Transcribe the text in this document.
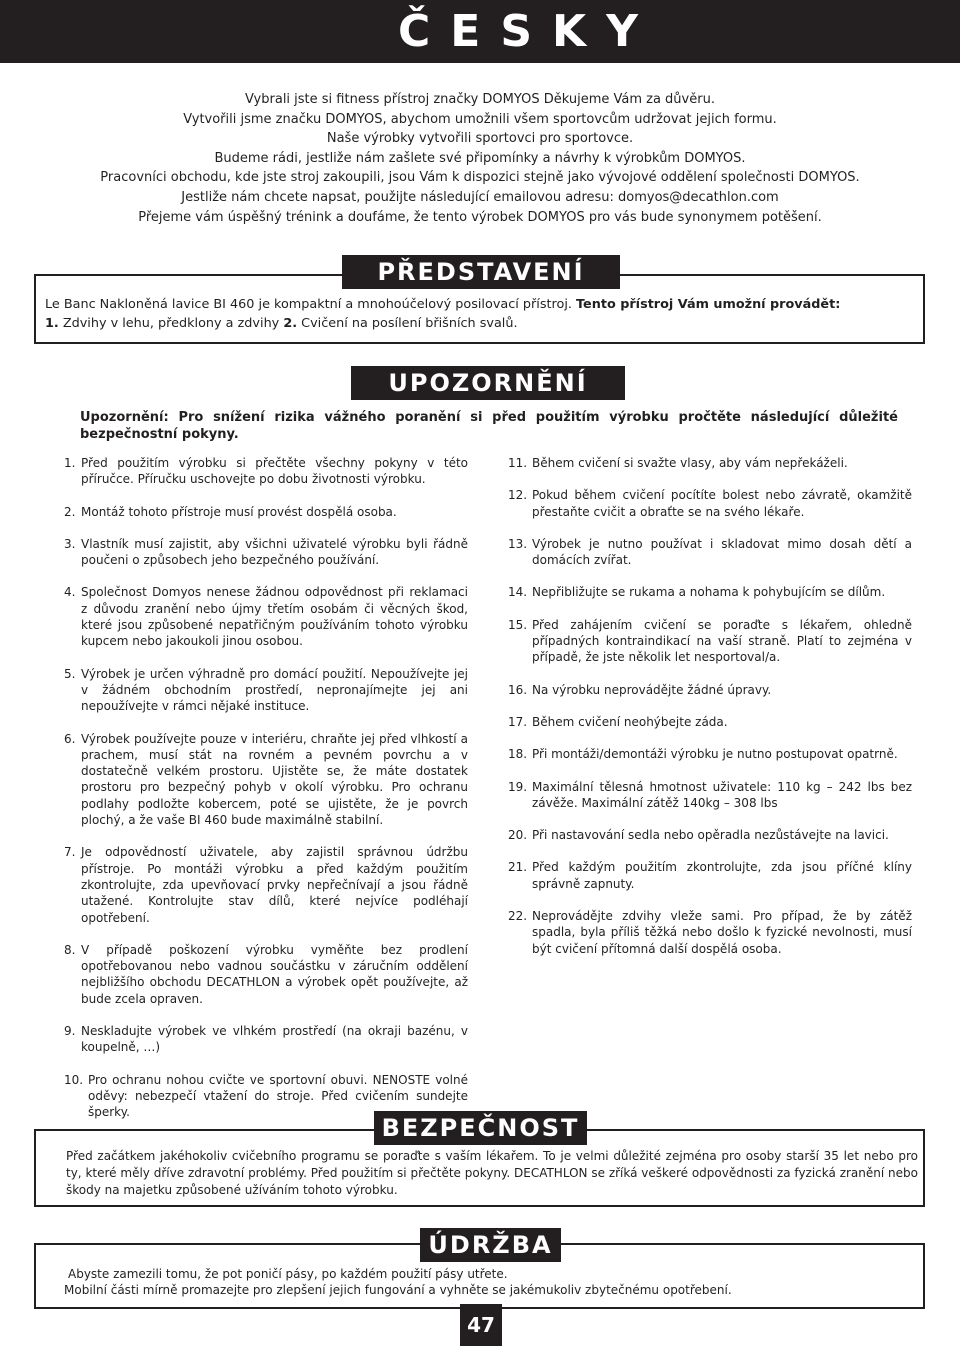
ČESKY

Vybrali jste si fitness přístroj značky DOMYOS Děkujeme Vám za důvěru.

Vytvořili jsme značku DOMYOS, abychom umožnili všem sportovcům udržovat jejich formu.

Naše výrobky vytvořili sportovci pro sportovce.

Budeme rádi, jestliže nám zašlete své připomínky a návrhy k výrobkům DOMYOS.

Pracovníci obchodu, kde jste stroj zakoupili, jsou Vám k dispozici stejně jako vývojové oddělení společnosti DOMYOS.

Jestliže nám chcete napsat, použijte následující emailovou adresu: domyos@decathlon.com

Přejeme vám úspěšný trénink a doufáme, že tento výrobek DOMYOS pro vás bude synonymem potěšení.

PŘEDSTAVENÍ
Le Banc Nakloněná lavice BI 460 je kompaktní a mnohoúčelový posilovací přístroj. Tento přístroj Vám umožní provádět:
1. Zdvihy v lehu, předklony a zdvihy 2. Cvičení na posílení břišních svalů.
UPOZORNĚNÍ
Upozornění: Pro snížení rizika vážného poranění si před použitím výrobku pročtěte následující důležité bezpečnostní pokyny.
1. Před použitím výrobku si přečtěte všechny pokyny v této příručce. Příručku uschovejte po dobu životnosti výrobku.
2. Montáž tohoto přístroje musí provést dospělá osoba.
3. Vlastník musí zajistit, aby všichni uživatelé výrobku byli řádně poučeni o způsobech jeho bezpečného používání.
4. Společnost Domyos nenese žádnou odpovědnost při reklamaci z důvodu zranění nebo újmy třetím osobám či věcných škod, které jsou způsobené nepatřičným používáním tohoto výrobku kupcem nebo jakoukoli jinou osobou.
5. Výrobek je určen výhradně pro domácí použití. Nepoužívejte jej v žádném obchodním prostředí, nepronajímejte jej ani nepoužívejte v rámci nějaké instituce.
6. Výrobek používejte pouze v interiéru, chraňte jej před vlhkostí a prachem, musí stát na rovném a pevném povrchu a v dostatečně velkém prostoru. Ujistěte se, že máte dostatek prostoru pro bezpečný pohyb v okolí výrobku. Pro ochranu podlahy podložte kobercem, poté se ujistěte, že je povrch plochý, a že vaše BI 460 bude maximálně stabilní.
7. Je odpovědností uživatele, aby zajistil správnou údržbu přístroje. Po montáži výrobku a před každým použitím zkontrolujte, zda upevňovací prvky nepřečnívají a jsou řádně utažené. Kontrolujte stav dílů, které nejvíce podléhají opotřebení.
8. V případě poškození výrobku vyměňte bez prodlení opotřebovanou nebo vadnou součástku v záručním oddělení nejbližšího obchodu DECATHLON a výrobek opět používejte, až bude zcela opraven.
9. Neskladujte výrobek ve vlhkém prostředí (na okraji bazénu, v koupelně, …)
10. Pro ochranu nohou cvičte ve sportovní obuvi. NENOSTE volné oděvy: nebezpečí vtažení do stroje. Před cvičením sundejte šperky.
11. Během cvičení si svažte vlasy, aby vám nepřekáželi.
12. Pokud během cvičení pocítíte bolest nebo závratě, okamžitě přestaňte cvičit a obraťte se na svého lékaře.
13. Výrobek je nutno používat i skladovat mimo dosah dětí a domácích zvířat.
14. Nepřibližujte se rukama a nohama k pohybujícím se dílům.
15. Před zahájením cvičení se poraďte s lékařem, ohledně případných kontraindikací na vaší straně. Platí to zejména v případě, že jste několik let nesportoval/a.
16. Na výrobku neprovádějte žádné úpravy.
17. Během cvičení neohýbejte záda.
18. Při montáži/demontáži výrobku je nutno postupovat opatrně.
19. Maximální tělesná hmotnost uživatele: 110 kg – 242 lbs bez závěže. Maximální zátěž 140kg – 308 lbs
20. Při nastavování sedla nebo opěradla nezůstávejte na lavici.
21. Před každým použitím zkontrolujte, zda jsou příčné klíny správně zapnuty.
22. Neprovádějte zdvihy vleže sami. Pro případ, že by zátěž spadla, byla příliš těžká nebo došlo k fyzické nevolnosti, musí být cvičení přítomná další dospělá osoba.
BEZPEČNOST
Před začátkem jakéhokoliv cvičebního programu se poraďte s vaším lékařem. To je velmi důležité zejména pro osoby starší 35 let nebo pro ty, které měly dříve zdravotní problémy. Před použitím si přečtěte pokyny. DECATHLON se zříká veškeré odpovědnosti za fyzická zranění nebo škody na majetku způsobené užíváním tohoto výrobku.
ÚDRŽBA
Abyste zamezili tomu, že pot poničí pásy, po každém použití pásy utřete.
Mobilní části mírně promazejte pro zlepšení jejich fungování a vyhněte se jakémukoliv zbytečnému opotřebení.
47
